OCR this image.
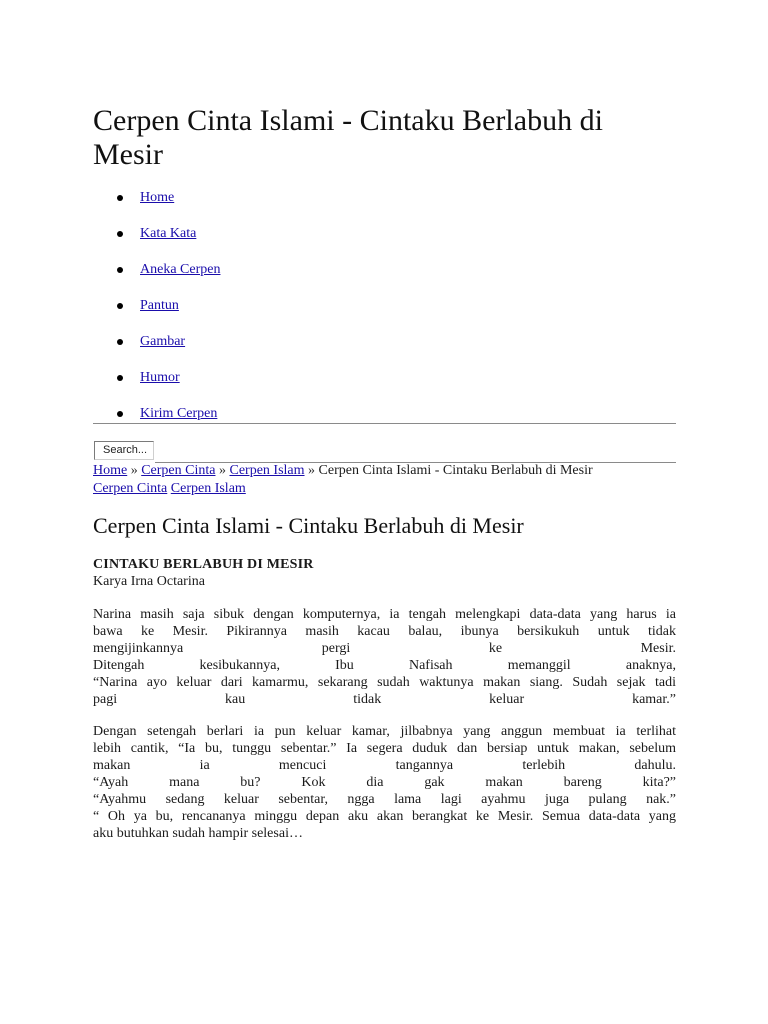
Cerpen Cinta Islami - Cintaku Berlabuh di Mesir
Home
Kata Kata
Aneka Cerpen
Pantun
Gambar
Humor
Kirim Cerpen
Search...
Home » Cerpen Cinta » Cerpen Islam » Cerpen Cinta Islami - Cintaku Berlabuh di Mesir
Cerpen Cinta Cerpen Islam
Cerpen Cinta Islami - Cintaku Berlabuh di Mesir
CINTAKU BERLABUH DI MESIR
Karya Irna Octarina

Narina masih saja sibuk dengan komputernya, ia tengah melengkapi data-data yang harus ia
bawa ke Mesir. Pikirannya masih kacau balau, ibunya bersikukuh untuk tidak
mengijinkannya pergi ke Mesir.
Ditengah kesibukannya, Ibu Nafisah memanggil anaknya,
“Narina ayo keluar dari kamarmu, sekarang sudah waktunya makan siang. Sudah sejak tadi
pagi kau tidak keluar kamar.”

Dengan setengah berlari ia pun keluar kamar, jilbabnya yang anggun membuat ia terlihat
lebih cantik, “Ia bu, tunggu sebentar.” Ia segera duduk dan bersiap untuk makan, sebelum
makan ia mencuci tangannya terlebih dahulu.
“Ayah mana bu? Kok dia gak makan bareng kita?”
“Ayahmu sedang keluar sebentar, ngga lama lagi ayahmu juga pulang nak.”
“ Oh ya bu, rencananya minggu depan aku akan berangkat ke Mesir. Semua data-data yang
aku butuhkan sudah hampir selesai…
